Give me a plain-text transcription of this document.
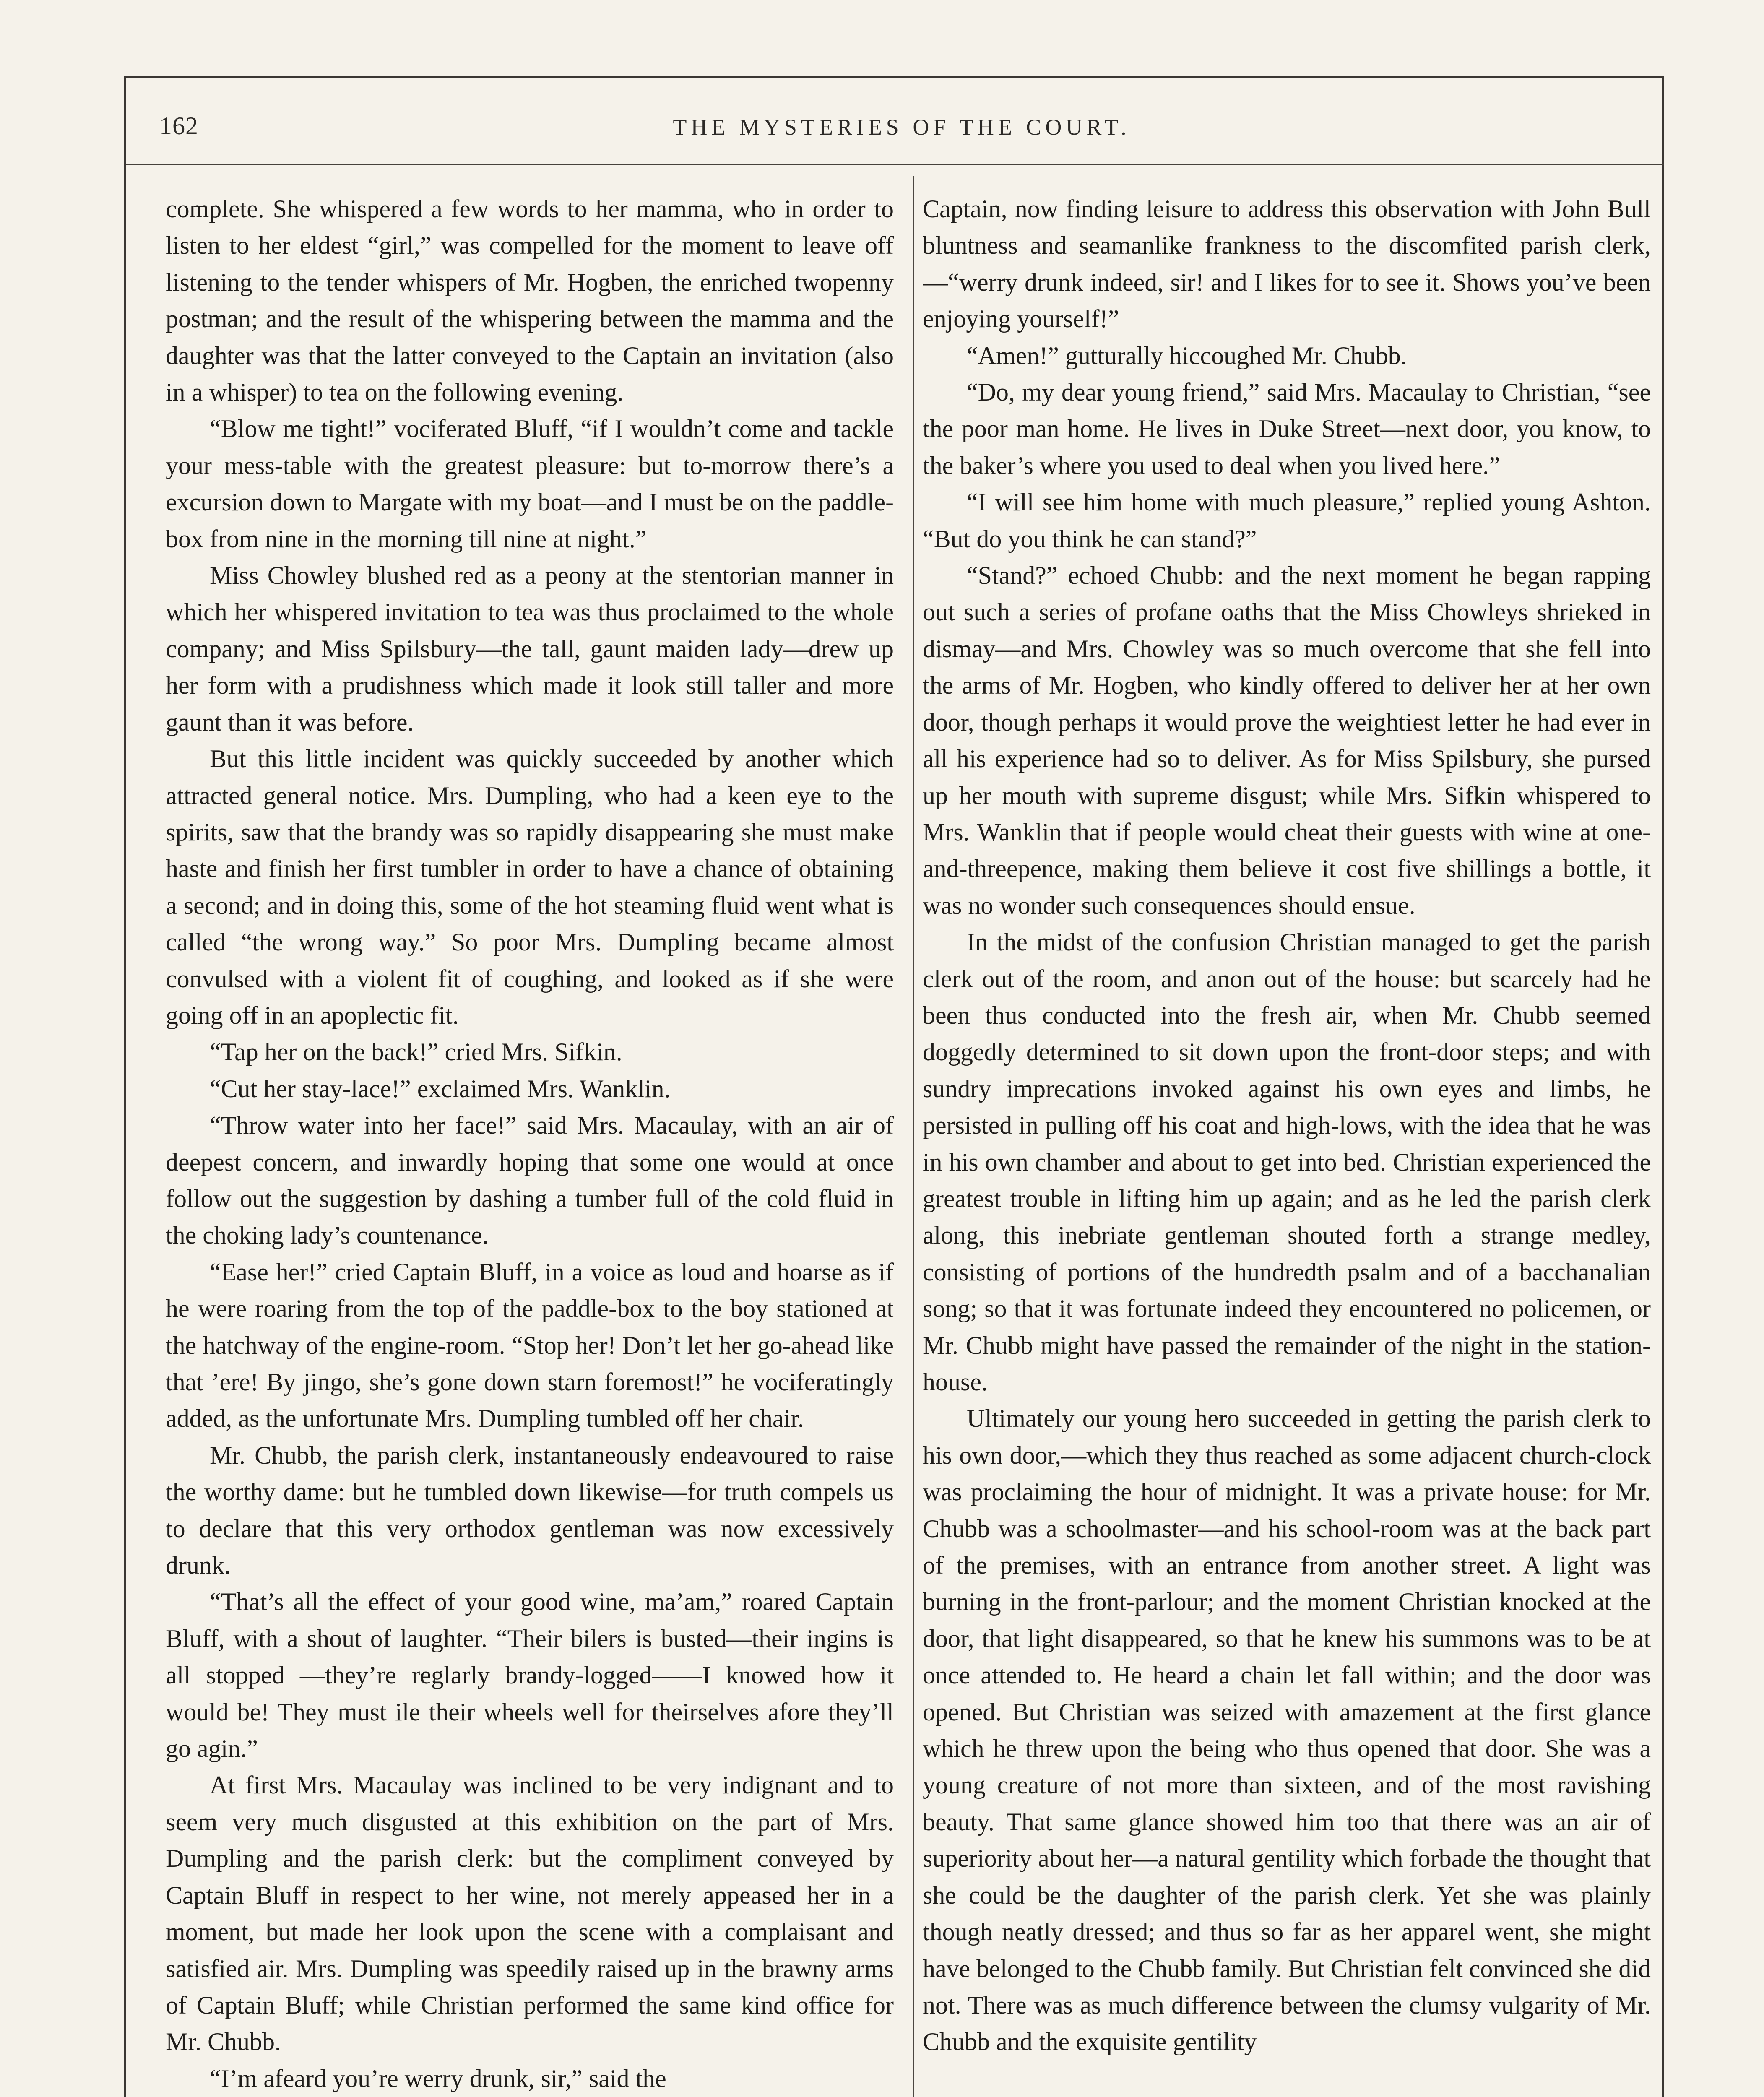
162	THE MYSTERIES OF THE COURT.

complete. She whispered a few words to her mamma, who in order to listen to her eldest “girl,” was compelled for the moment to leave off listening to the tender whispers of Mr. Hogben, the enriched twopenny postman; and the result of the whispering between the mamma and the daughter was that the latter conveyed to the Captain an invitation (also in a whisper) to tea on the following evening.

“Blow me tight!” vociferated Bluff, “if I wouldn’t come and tackle your mess-table with the greatest pleasure: but to-morrow there’s a excursion down to Margate with my boat—and I must be on the paddle-box from nine in the morning till nine at night.”

Miss Chowley blushed red as a peony at the stentorian manner in which her whispered invitation to tea was thus proclaimed to the whole company; and Miss Spilsbury—the tall, gaunt maiden lady—drew up her form with a prudishness which made it look still taller and more gaunt than it was before.

But this little incident was quickly succeeded by another which attracted general notice. Mrs. Dumpling, who had a keen eye to the spirits, saw that the brandy was so rapidly disappearing she must make haste and finish her first tumbler in order to have a chance of obtaining a second; and in doing this, some of the hot steaming fluid went what is called “the wrong way.” So poor Mrs. Dumpling became almost convulsed with a violent fit of coughing, and looked as if she were going off in an apoplectic fit.

“Tap her on the back!” cried Mrs. Sifkin.

“Cut her stay-lace!” exclaimed Mrs. Wanklin.

“Throw water into her face!” said Mrs. Macaulay, with an air of deepest concern, and inwardly hoping that some one would at once follow out the suggestion by dashing a tumber full of the cold fluid in the choking lady’s countenance.

“Ease her!” cried Captain Bluff, in a voice as loud and hoarse as if he were roaring from the top of the paddle-box to the boy stationed at the hatchway of the engine-room. “Stop her! Don’t let her go-ahead like that ’ere! By jingo, she’s gone down starn foremost!” he vociferatingly added, as the unfortunate Mrs. Dumpling tumbled off her chair.

Mr. Chubb, the parish clerk, instantaneously endeavoured to raise the worthy dame: but he tumbled down likewise—for truth compels us to declare that this very orthodox gentleman was now excessively drunk.

“That’s all the effect of your good wine, ma’am,” roared Captain Bluff, with a shout of laughter. “Their bilers is busted—their ingins is all stopped —they’re reglarly brandy-logged——I knowed how it would be! They must ile their wheels well for theirselves afore they’ll go agin.”

At first Mrs. Macaulay was inclined to be very indignant and to seem very much disgusted at this exhibition on the part of Mrs. Dumpling and the parish clerk: but the compliment conveyed by Captain Bluff in respect to her wine, not merely appeased her in a moment, but made her look upon the scene with a complaisant and satisfied air. Mrs. Dumpling was speedily raised up in the brawny arms of Captain Bluff; while Christian performed the same kind office for Mr. Chubb.

“I’m afeard you’re werry drunk, sir,” said the

Captain, now finding leisure to address this observation with John Bull bluntness and seamanlike frankness to the discomfited parish clerk,—“werry drunk indeed, sir! and I likes for to see it. Shows you’ve been enjoying yourself!”

“Amen!” gutturally hiccoughed Mr. Chubb.

“Do, my dear young friend,” said Mrs. Macaulay to Christian, “see the poor man home. He lives in Duke Street—next door, you know, to the baker’s where you used to deal when you lived here.”

“I will see him home with much pleasure,” replied young Ashton. “But do you think he can stand?”

“Stand?” echoed Chubb: and the next moment he began rapping out such a series of profane oaths that the Miss Chowleys shrieked in dismay—and Mrs. Chowley was so much overcome that she fell into the arms of Mr. Hogben, who kindly offered to deliver her at her own door, though perhaps it would prove the weightiest letter he had ever in all his experience had so to deliver. As for Miss Spilsbury, she pursed up her mouth with supreme disgust; while Mrs. Sifkin whispered to Mrs. Wanklin that if people would cheat their guests with wine at one-and-threepence, making them believe it cost five shillings a bottle, it was no wonder such consequences should ensue.

In the midst of the confusion Christian managed to get the parish clerk out of the room, and anon out of the house: but scarcely had he been thus conducted into the fresh air, when Mr. Chubb seemed doggedly determined to sit down upon the front-door steps; and with sundry imprecations invoked against his own eyes and limbs, he persisted in pulling off his coat and high-lows, with the idea that he was in his own chamber and about to get into bed. Christian experienced the greatest trouble in lifting him up again; and as he led the parish clerk along, this inebriate gentleman shouted forth a strange medley, consisting of portions of the hundredth psalm and of a bacchanalian song; so that it was fortunate indeed they encountered no policemen, or Mr. Chubb might have passed the remainder of the night in the station-house.

Ultimately our young hero succeeded in getting the parish clerk to his own door,—which they thus reached as some adjacent church-clock was proclaiming the hour of midnight. It was a private house: for Mr. Chubb was a schoolmaster—and his school-room was at the back part of the premises, with an entrance from another street. A light was burning in the front-parlour; and the moment Christian knocked at the door, that light disappeared, so that he knew his summons was to be at once attended to. He heard a chain let fall within; and the door was opened. But Christian was seized with amazement at the first glance which he threw upon the being who thus opened that door. She was a young creature of not more than sixteen, and of the most ravishing beauty. That same glance showed him too that there was an air of superiority about her—a natural gentility which forbade the thought that she could be the daughter of the parish clerk. Yet she was plainly though neatly dressed; and thus so far as her apparel went, she might have belonged to the Chubb family. But Christian felt convinced she did not. There was as much difference between the clumsy vulgarity of Mr. Chubb and the exquisite gentility
